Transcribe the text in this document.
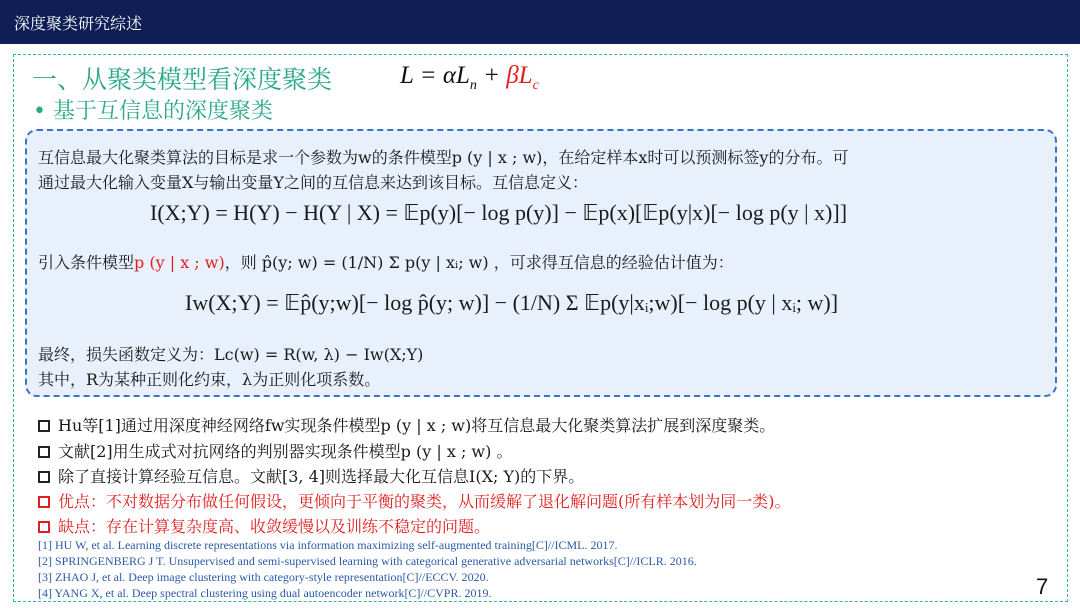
深度聚类研究综述
一、从聚类模型看深度聚类	$L = \alpha L_n + \beta L_c$
• 基于互信息的深度聚类
互信息最大化聚类算法的目标是求一个参数为w的条件模型p (y | x ; w)，在给定样本x时可以预测标签y的分布。可
通过最大化输入变量X与输出变量Y之间的互信息来达到该目标。互信息定义：
I(X;Y) = H(Y) − H(Y | X) = 𝔼p(y)[− log p(y)] − 𝔼p(x)[𝔼p(y|x)[− log p(y | x)]]
引入条件模型p (y | x ; w)，则 p̂(y; w) = (1/N) Σ p(y | xᵢ; w) ，可求得互信息的经验估计值为：
Iw(X;Y) = 𝔼p̂(y;w)[− log p̂(y; w)] − (1/N) Σ 𝔼p(y|xᵢ;w)[− log p(y | xᵢ; w)]
最终，损失函数定义为：Lc(w) = R(w, λ) − Iw(X;Y)
其中，R为某种正则化约束，λ为正则化项系数。
Hu等[1]通过用深度神经网络fw实现条件模型p (y | x ; w)将互信息最大化聚类算法扩展到深度聚类。
文献[2]用生成式对抗网络的判别器实现条件模型p (y | x ; w) 。
除了直接计算经验互信息。文献[3, 4]则选择最大化互信息I(X; Y)的下界。
优点：不对数据分布做任何假设，更倾向于平衡的聚类，从而缓解了退化解问题(所有样本划为同一类)。
缺点：存在计算复杂度高、收敛缓慢以及训练不稳定的问题。
[1] HU W, et al. Learning discrete representations via information maximizing self-augmented training[C]//ICML. 2017.
[2] SPRINGENBERG J T. Unsupervised and semi-supervised learning with categorical generative adversarial networks[C]//ICLR. 2016.
[3] ZHAO J, et al. Deep image clustering with category-style representation[C]//ECCV. 2020.
[4] YANG X, et al. Deep spectral clustering using dual autoencoder network[C]//CVPR. 2019.	7
